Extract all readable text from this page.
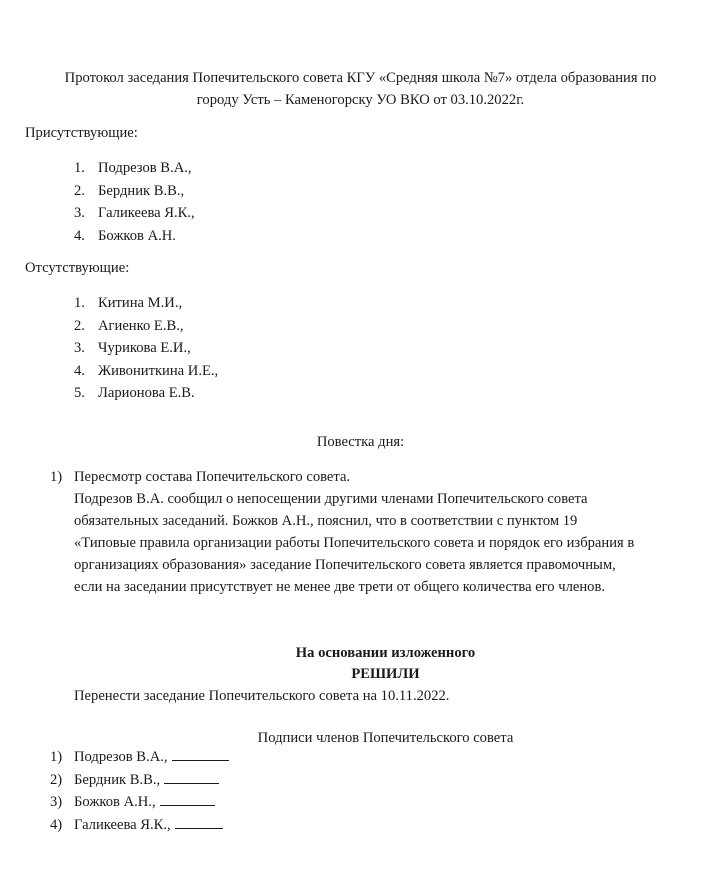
Протокол заседания Попечительского совета КГУ «Средняя школа №7» отдела образования по
городу Усть – Каменогорску УО ВКО от 03.10.2022г.
Присутствующие:
1. Подрезов В.А.,
2. Бердник В.В.,
3. Галикеева Я.К.,
4. Божков А.Н.
Отсутствующие:
1. Китина М.И.,
2. Агиенко Е.В.,
3. Чурикова Е.И.,
4. Живониткина И.Е.,
5. Ларионова Е.В.
Повестка дня:
1) Пересмотр состава Попечительского совета.

Подрезов В.А. сообщил о непосещении другими членами Попечительского совета

обязательных заседаний. Божков А.Н., пояснил, что в соответствии с пунктом 19

«Типовые правила организации работы Попечительского совета и порядок его избрания в

организациях образования» заседание Попечительского совета является правомочным,

если на заседании присутствует не менее две трети от общего количества его членов.

На основании изложенного
РЕШИЛИ
Перенести заседание Попечительского совета на 10.11.2022.
Подписи членов Попечительского совета
1) Подрезов В.А.,
2) Бердник В.В.,
3) Божков А.Н.,
4) Галикеева Я.К.,
